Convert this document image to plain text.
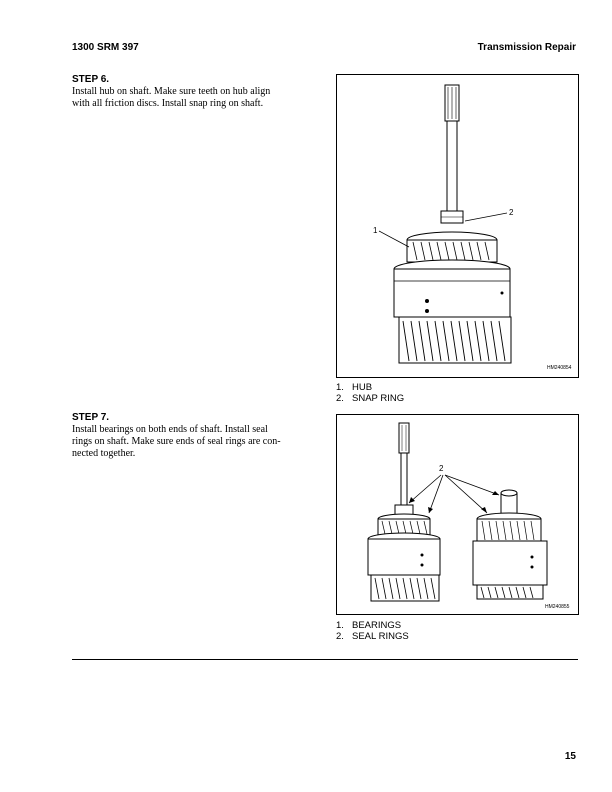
1300 SRM 397	Transmission Repair
STEP 6.
Install hub on shaft. Make sure teeth on hub align
with all friction discs. Install snap ring on shaft.
1
2
HM240854
1. HUB
2. SNAP RING
STEP 7.
Install bearings on both ends of shaft. Install seal
rings on shaft. Make sure ends of seal rings are con-
nected together.
2
HM240855
1. BEARINGS
2. SEAL RINGS
15
